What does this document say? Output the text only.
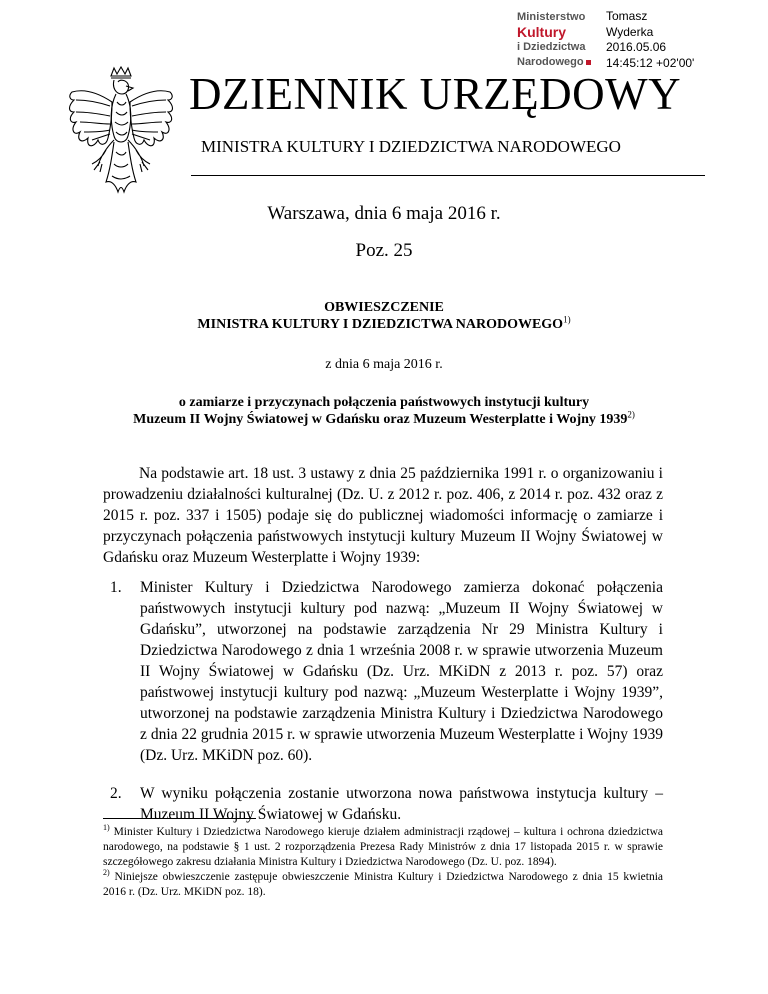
Ministerstwo
Kultury
i Dziedzictwa
Narodowego
Tomasz
Wyderka
2016.05.06
14:45:12 +02'00'
DZIENNIK URZĘDOWY
MINISTRA KULTURY I DZIEDZICTWA NARODOWEGO
Warszawa, dnia 6 maja 2016 r.
Poz. 25
OBWIESZCZENIE
MINISTRA KULTURY I DZIEDZICTWA NARODOWEGO$^{1)}$
z dnia 6 maja 2016 r.
o zamiarze i przyczynach połączenia państwowych instytucji kultury
Muzeum II Wojny Światowej w Gdańsku oraz Muzeum Westerplatte i Wojny 1939$^{2)}$
Na podstawie art. 18 ust. 3 ustawy z dnia 25 października 1991 r. o organizowaniu i prowadzeniu działalności kulturalnej (Dz. U. z 2012 r. poz. 406, z 2014 r. poz. 432 oraz z 2015 r. poz. 337 i 1505) podaje się do publicznej wiadomości informację o zamiarze i przyczynach połączenia państwowych instytucji kultury Muzeum II Wojny Światowej w Gdańsku oraz Muzeum Westerplatte i Wojny 1939:
1. Minister Kultury i Dziedzictwa Narodowego zamierza dokonać połączenia państwowych instytucji kultury pod nazwą: „Muzeum II Wojny Światowej w Gdańsku”, utworzonej na podstawie zarządzenia Nr 29 Ministra Kultury i Dziedzictwa Narodowego z dnia 1 września 2008 r. w sprawie utworzenia Muzeum II Wojny Światowej w Gdańsku (Dz. Urz. MKiDN z 2013 r. poz. 57) oraz państwowej instytucji kultury pod nazwą: „Muzeum Westerplatte i Wojny 1939”, utworzonej na podstawie zarządzenia Ministra Kultury i Dziedzictwa Narodowego z dnia 22 grudnia 2015 r. w sprawie utworzenia Muzeum Westerplatte i Wojny 1939 (Dz. Urz. MKiDN poz. 60).
2. W wyniku połączenia zostanie utworzona nowa państwowa instytucja kultury – Muzeum II Wojny Światowej w Gdańsku.

$^{1)}$ Minister Kultury i Dziedzictwa Narodowego kieruje działem administracji rządowej – kultura i ochrona dziedzictwa narodowego, na podstawie § 1 ust. 2 rozporządzenia Prezesa Rady Ministrów z dnia 17 listopada 2015 r. w sprawie szczegółowego zakresu działania Ministra Kultury i Dziedzictwa Narodowego (Dz. U. poz. 1894).

$^{2)}$ Niniejsze obwieszczenie zastępuje obwieszczenie Ministra Kultury i Dziedzictwa Narodowego z dnia 15 kwietnia 2016 r. (Dz. Urz. MKiDN poz. 18).
